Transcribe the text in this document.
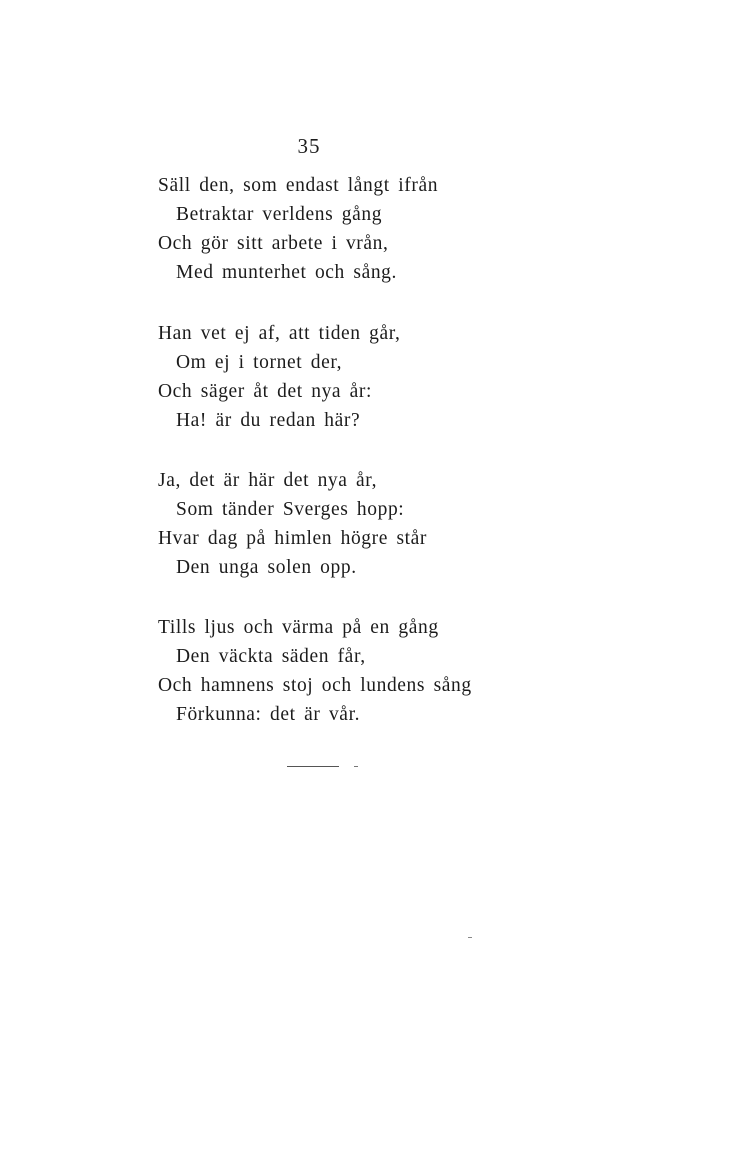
35
Säll den, som endast långt ifrån
Betraktar verldens gång
Och gör sitt arbete i vrån,
Med munterhet och sång.
Han vet ej af, att tiden går,
Om ej i tornet der,
Och säger åt det nya år:
Ha! är du redan här?
Ja, det är här det nya år,
Som tänder Sverges hopp:
Hvar dag på himlen högre står
Den unga solen opp.
Tills ljus och värma på en gång
Den väckta säden får,
Och hamnens stoj och lundens sång
Förkunna: det är vår.
